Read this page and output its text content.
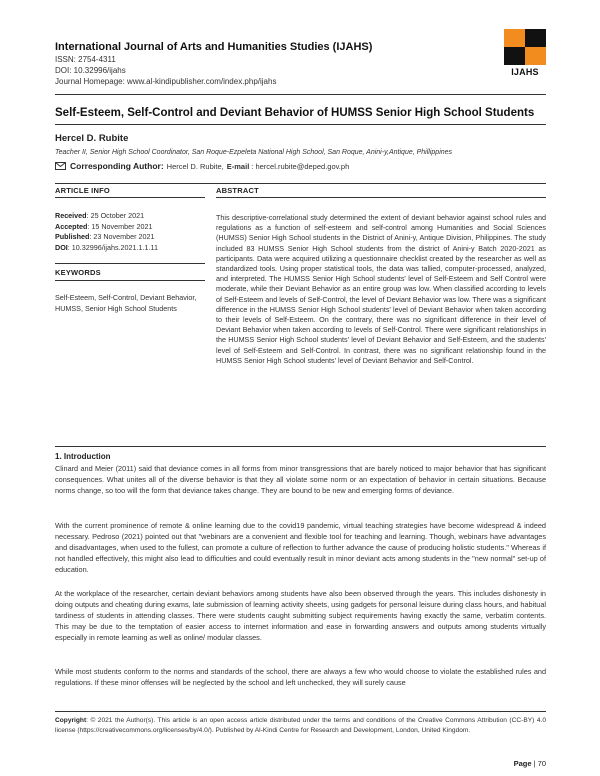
International Journal of Arts and Humanities Studies (IJAHS)
ISSN: 2754-4311
DOI: 10.32996/ijahs
Journal Homepage: www.al-kindipublisher.com/index.php/ijahs
IJAHS
Self-Esteem, Self-Control and Deviant Behavior of HUMSS Senior High School Students
Hercel D. Rubite
Teacher II, Senior High School Coordinator, San Roque-Ezpeleta National High School, San Roque, Anini-y,Antique, Phillippines
Corresponding Author: Hercel D. Rubite, E-mail : hercel.rubite@deped.gov.ph
ARTICLE INFO	ABSTRACT
Received: 25 October 2021
Accepted: 15 November 2021
Published: 23 November 2021
DOI: 10.32996/ijahs.2021.1.1.11
KEYWORDS
Self-Esteem, Self-Control, Deviant Behavior, HUMSS, Senior High School Students
This descriptive-correlational study determined the extent of deviant behavior against school rules and regulations as a function of self-esteem and self-control among Humanities and Social Sciences (HUMSS) Senior High School students in the District of Anini-y, Antique Division, Philippines. The study included 83 HUMSS Senior High School students from the district of Anini-y Batch 2020-2021 as participants. Data were acquired utilizing a questionnaire checklist created by the researcher as well as standardized tools. Using proper statistical tools, the data was tallied, computer-processed, analyzed, and interpreted. The HUMSS Senior High School students' level of Self-Esteem and Self Control were moderate, while their Deviant Behavior as an entire group was low. When classified according to levels of Self-Esteem and levels of Self-Control, the level of Deviant Behavior was low. There was a significant difference in the HUMSS Senior High School students' level of Deviant Behavior when taken according to their levels of Self-Esteem. On the contrary, there was no significant difference in their level of Deviant Behavior when taken according to levels of Self-Control. There were significant relationships in the HUMSS Senior High School students' level of Deviant Behavior and Self-Esteem, and the students' level of Self-Esteem and Self-Control. In contrast, there was no significant relationship found in the HUMSS Senior High School students' level of Deviant Behavior and Self-Control.
1. Introduction
Clinard and Meier (2011) said that deviance comes in all forms from minor transgressions that are barely noticed to major behavior that has significant consequences. What unites all of the diverse behavior is that they all violate some norm or an expectation of behavior in certain situations. Because norms change, so too will the form that deviance takes change. They are bound to be new and emerging forms of deviance.
With the current prominence of remote & online learning due to the covid19 pandemic, virtual teaching strategies have become widespread & indeed necessary. Pedroso (2021) pointed out that "webinars are a convenient and flexible tool for teaching and learning. Though, webinars have advantages and disadvantages, when used to the fullest, can promote a culture of reflection to further advance the cause of producing holistic students." Whereas if not handled effectively, this might also lead to difficulties and could eventually result in minor deviant acts among students in the "new normal" set-up of education.
At the workplace of the researcher, certain deviant behaviors among students have also been observed through the years. This includes dishonesty in doing outputs and cheating during exams, late submission of learning activity sheets, using gadgets for personal leisure during class hours, and habitual tardiness of students in attending classes. There were students caught submitting subject requirements having exactly the same, verbatim contents. This may be due to the temptation of easier access to internet information and ease in forwarding answers and outputs among students virtually especially in remote learning as well as online/ modular classes.
While most students conform to the norms and standards of the school, there are always a few who would choose to violate the established rules and regulations. If these minor offenses will be neglected by the school and left unchecked, they will surely cause
Copyright: © 2021 the Author(s). This article is an open access article distributed under the terms and conditions of the Creative Commons Attribution (CC-BY) 4.0 license (https://creativecommons.org/licenses/by/4.0/). Published by Al-Kindi Centre for Research and Development, London, United Kingdom.
Page | 70
